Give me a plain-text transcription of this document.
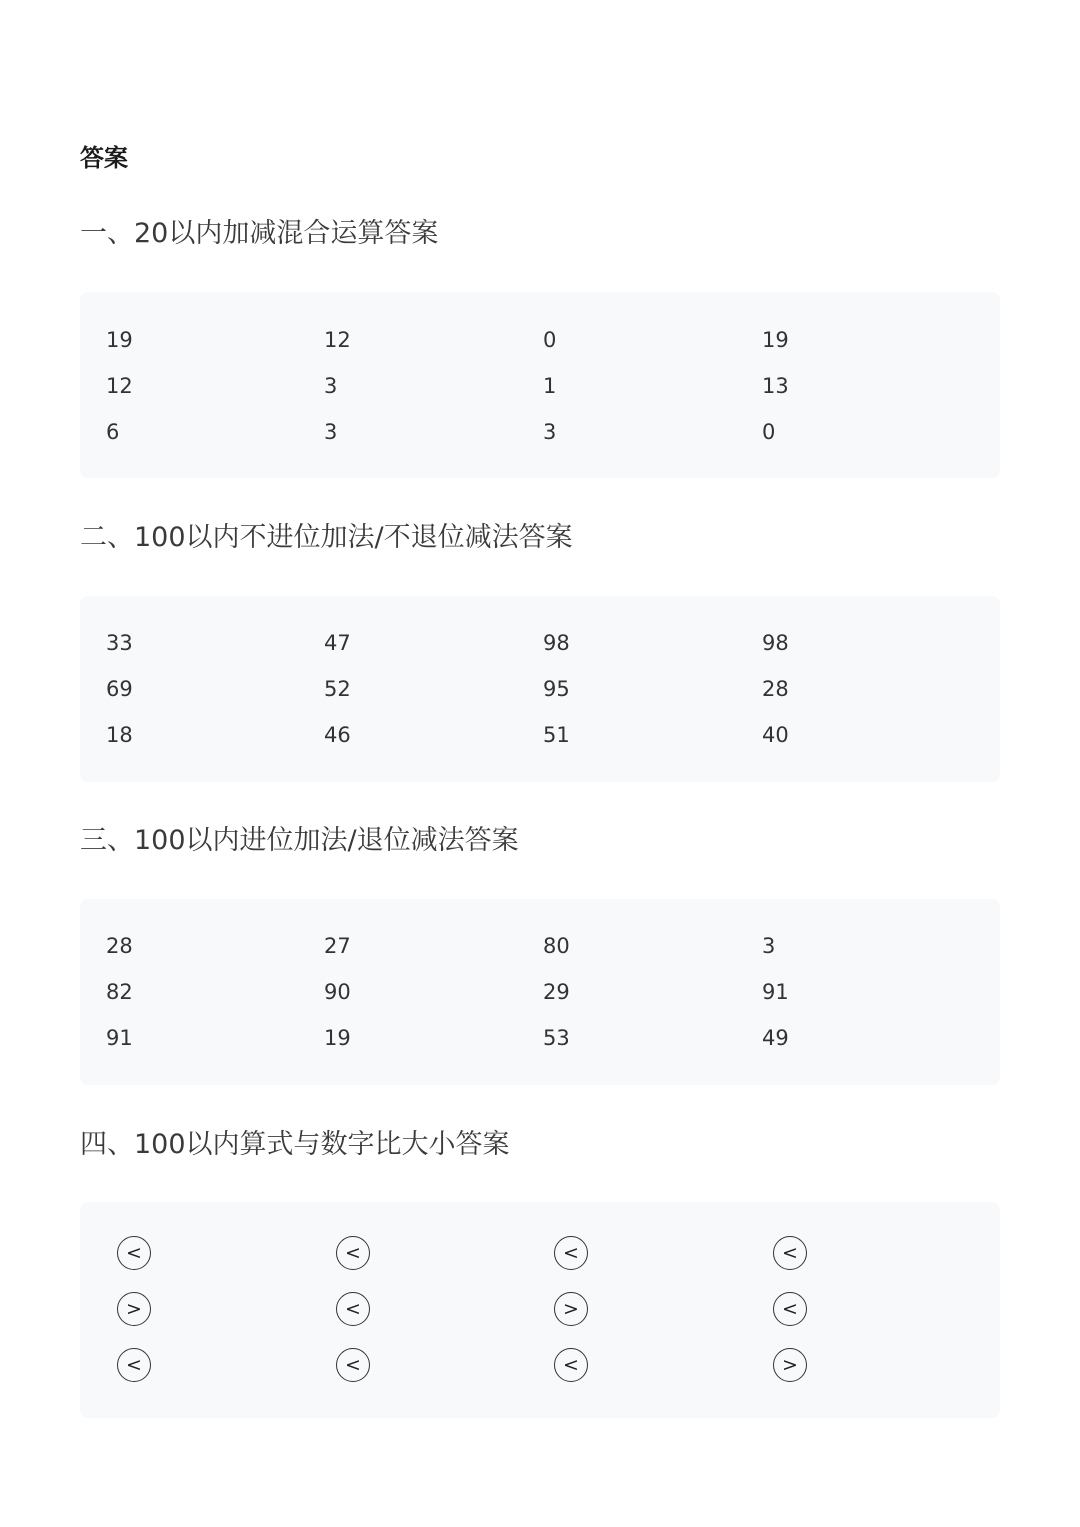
答案
一、20以内加减混合运算答案
19	12	0	19
12	3	1	13
6	3	3	0
二、100以内不进位加法/不退位减法答案
33	47	98	98
69	52	95	28
18	46	51	40
三、100以内进位加法/退位减法答案
28	27	80	3
82	90	29	91
91	19	53	49
四、100以内算式与数字比大小答案
<	<	<	<
>	<	>	<
<	<	<	>
